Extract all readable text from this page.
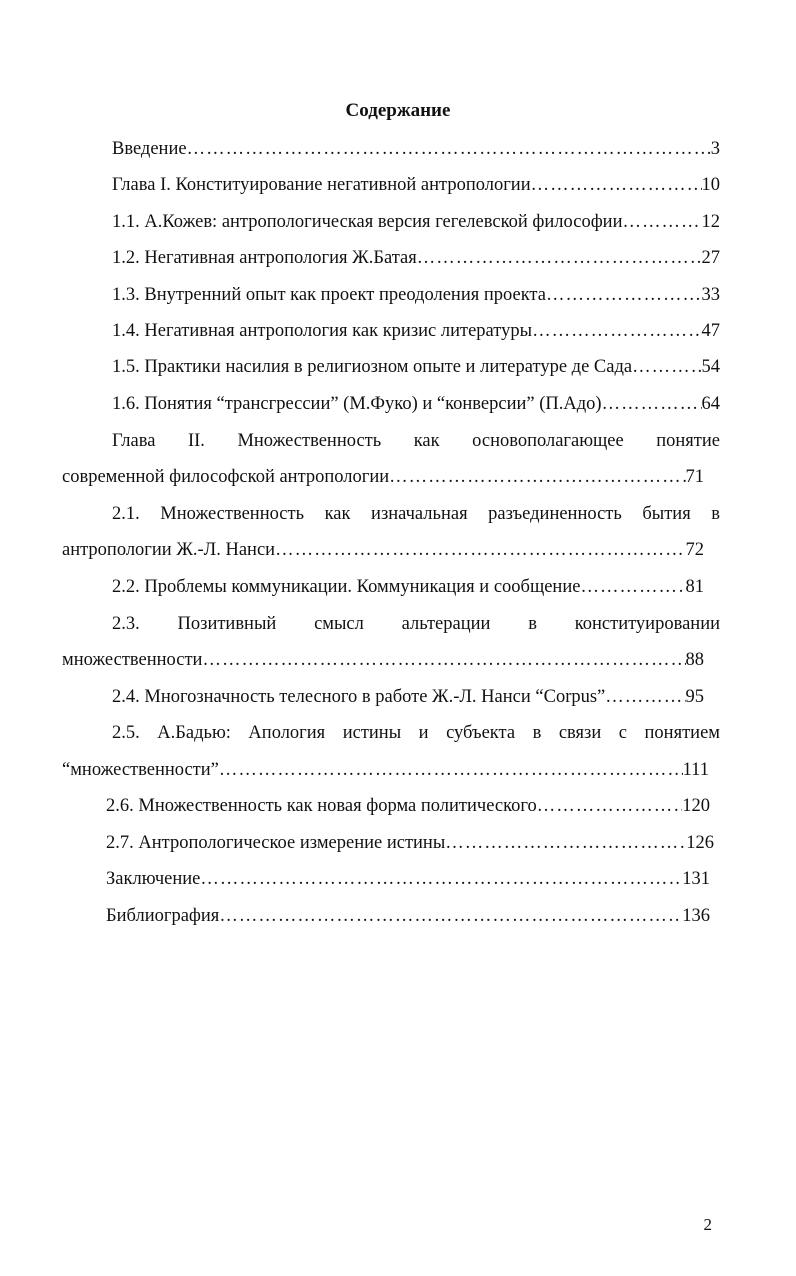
Содержание
Введение …………………………………………………………………………………………………………………………………………………	3
Глава I. Конституирование негативной антропологии …………………………………………………………………………………………………………………………………………………	10
1.1. А.Кожев: антропологическая версия гегелевской философии …………………………………………………………………………………………………………………………………………………	12
1.2. Негативная антропология Ж.Батая …………………………………………………………………………………………………………………………………………………	27
1.3. Внутренний опыт как проект преодоления проекта …………………………………………………………………………………………………………………………………………………	33
1.4. Негативная антропология как кризис литературы …………………………………………………………………………………………………………………………………………………	47
1.5. Практики насилия в религиозном опыте и литературе де Сада …………………………………………………………………………………………………………………………………………………	54
1.6. Понятия “трансгрессии” (М.Фуко) и “конверсии” (П.Адо) …………………………………………………………………………………………………………………………………………………	64
Глава II. Множественность как основополагающее понятие
современной философской антропологии …………………………………………………………………………………………………………………………………………………	71
2.1. Множественность как изначальная разъединенность бытия в
антропологии Ж.-Л. Нанси …………………………………………………………………………………………………………………………………………………	72
2.2. Проблемы коммуникации. Коммуникация и сообщение …………………………………………………………………………………………………………………………………………………	81
2.3. Позитивный смысл альтерации в конституировании
множественности …………………………………………………………………………………………………………………………………………………	88
2.4. Многозначность телесного в работе Ж.-Л. Нанси “Corpus” …………………………………………………………………………………………………………………………………………………	95
2.5. А.Бадью: Апология истины и субъекта в связи с понятием
“множественности” …………………………………………………………………………………………………………………………………………………	111
2.6. Множественность как новая форма политического …………………………………………………………………………………………………………………………………………………	120
2.7. Антропологическое измерение истины …………………………………………………………………………………………………………………………………………………	126
Заключение …………………………………………………………………………………………………………………………………………………	131
Библиография …………………………………………………………………………………………………………………………………………………	136
2
